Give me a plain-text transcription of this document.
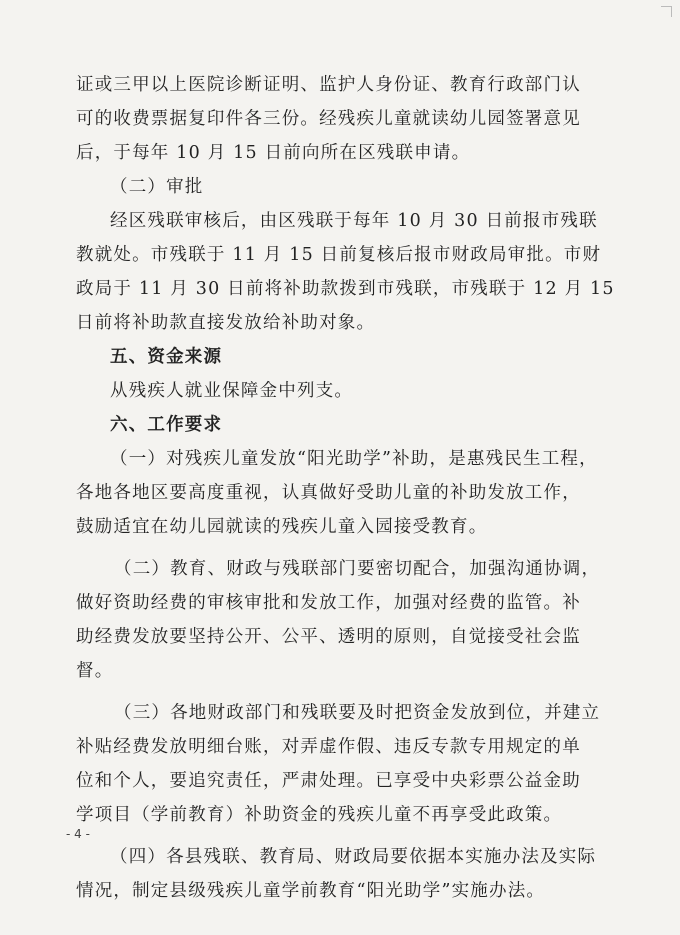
证或三甲以上医院诊断证明、监护人身份证、教育行政部门认
可的收费票据复印件各三份。经残疾儿童就读幼儿园签署意见
后，于每年 10 月 15 日前向所在区残联申请。
（二）审批
经区残联审核后，由区残联于每年 10 月 30 日前报市残联
教就处。市残联于 11 月 15 日前复核后报市财政局审批。市财
政局于 11 月 30 日前将补助款拨到市残联，市残联于 12 月 15
日前将补助款直接发放给补助对象。
五、资金来源
从残疾人就业保障金中列支。
六、工作要求
（一）对残疾儿童发放“阳光助学”补助，是惠残民生工程，
各地各地区要高度重视，认真做好受助儿童的补助发放工作，
鼓励适宜在幼儿园就读的残疾儿童入园接受教育。
（二）教育、财政与残联部门要密切配合，加强沟通协调，
做好资助经费的审核审批和发放工作，加强对经费的监管。补
助经费发放要坚持公开、公平、透明的原则，自觉接受社会监
督。
（三）各地财政部门和残联要及时把资金发放到位，并建立
补贴经费发放明细台账，对弄虚作假、违反专款专用规定的单
位和个人，要追究责任，严肃处理。已享受中央彩票公益金助
学项目（学前教育）补助资金的残疾儿童不再享受此政策。
（四）各县残联、教育局、财政局要依据本实施办法及实际
情况，制定县级残疾儿童学前教育“阳光助学”实施办法。
- 4 -
